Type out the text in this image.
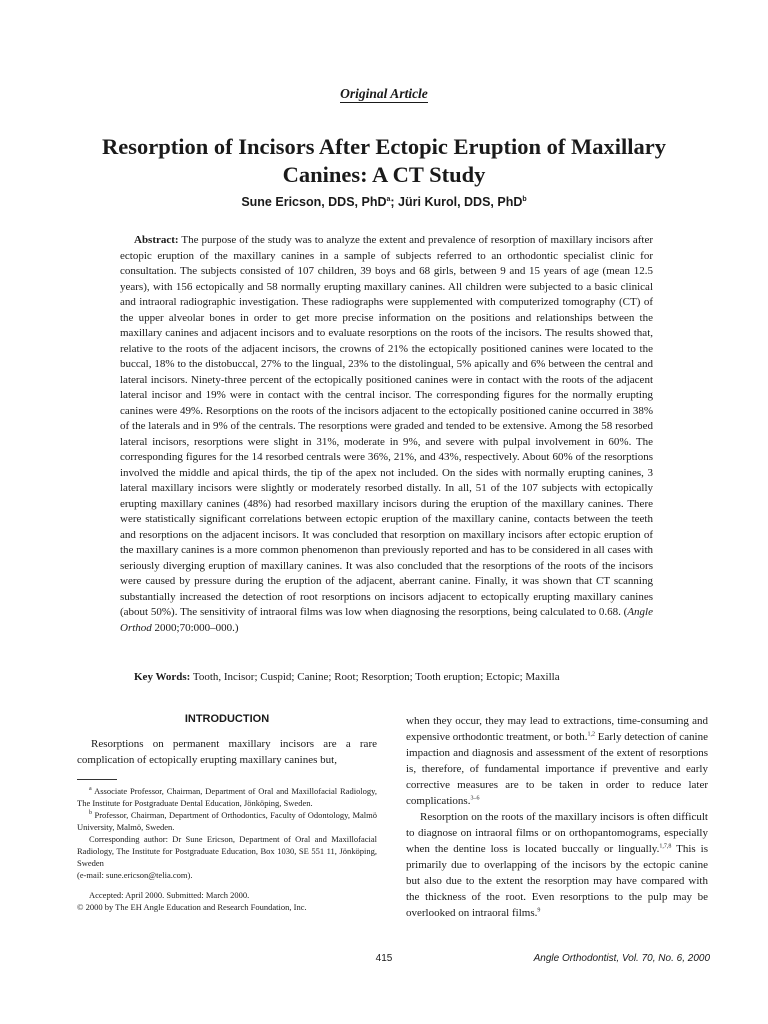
Original Article
Resorption of Incisors After Ectopic Eruption of Maxillary Canines: A CT Study
Sune Ericson, DDS, PhD$^a$; Jüri Kurol, DDS, PhD$^b$

Abstract: The purpose of the study was to analyze the extent and prevalence of resorption of maxillary incisors after ectopic eruption of the maxillary canines in a sample of subjects referred to an orthodontic specialist clinic for consultation. The subjects consisted of 107 children, 39 boys and 68 girls, between 9 and 15 years of age (mean 12.5 years), with 156 ectopically and 58 normally erupting maxillary canines. All children were subjected to a basic clinical and intraoral radiographic investigation. These radiographs were supplemented with computerized tomography (CT) of the upper alveolar bones in order to get more precise information on the positions and relationships between the maxillary canines and adjacent incisors and to evaluate resorptions on the roots of the incisors. The results showed that, relative to the roots of the adjacent incisors, the crowns of 21% the ectopically positioned canines were located to the buccal, 18% to the distobuccal, 27% to the lingual, 23% to the distolingual, 5% apically and 6% between the central and lateral incisors. Ninety-three percent of the ectopically positioned canines were in contact with the roots of the adjacent lateral incisor and 19% were in contact with the central incisor. The corresponding figures for the normally erupting canines were 49%. Resorptions on the roots of the incisors adjacent to the ectopically positioned canine occurred in 38% of the laterals and in 9% of the centrals. The resorptions were graded and tended to be extensive. Among the 58 resorbed lateral incisors, resorptions were slight in 31%, moderate in 9%, and severe with pulpal involvement in 60%. The corresponding figures for the 14 resorbed centrals were 36%, 21%, and 43%, respectively. About 60% of the resorptions involved the middle and apical thirds, the tip of the apex not included. On the sides with normally erupting canines, 3 lateral maxillary incisors were slightly or moderately resorbed distally. In all, 51 of the 107 subjects with ectopically erupting maxillary canines (48%) had resorbed maxillary incisors during the eruption of the maxillary canines. There were statistically significant correlations between ectopic eruption of the maxillary canine, contacts between the teeth and resorptions on the adjacent incisors. It was concluded that resorption on maxillary incisors after ectopic eruption of the maxillary canines is a more common phenomenon than previously reported and has to be considered in all cases with seriously diverging eruption of maxillary canines. It was also concluded that the resorptions of the roots of the incisors were caused by pressure during the eruption of the adjacent, aberrant canine. Finally, it was shown that CT scanning substantially increased the detection of root resorptions on incisors adjacent to ectopically erupting maxillary canines (about 50%). The sensitivity of intraoral films was low when diagnosing the resorptions, being calculated to 0.68. (Angle Orthod 2000;70:000–000.)

Key Words: Tooth, Incisor; Cuspid; Canine; Root; Resorption; Tooth eruption; Ectopic; Maxilla

INTRODUCTION

Resorptions on permanent maxillary incisors are a rare complication of ectopically erupting maxillary canines but,

$^a$ Associate Professor, Chairman, Department of Oral and Maxillofacial Radiology, The Institute for Postgraduate Dental Education, Jönköping, Sweden.

$^b$ Professor, Chairman, Department of Orthodontics, Faculty of Odontology, Malmö University, Malmö, Sweden.

Corresponding author: Dr Sune Ericson, Department of Oral and Maxillofacial Radiology, The Institute for Postgraduate Education, Box 1030, SE 551 11, Jönköping, Sweden

(e-mail: sune.ericson@telia.com).

Accepted: April 2000. Submitted: March 2000.

© 2000 by The EH Angle Education and Research Foundation, Inc.

when they occur, they may lead to extractions, time-consuming and expensive orthodontic treatment, or both.$^{1,2}$ Early detection of canine impaction and diagnosis and assessment of the extent of resorptions is, therefore, of fundamental importance if preventive and early corrective measures are to be taken in order to reduce later complications.$^{3-6}$

Resorption on the roots of the maxillary incisors is often difficult to diagnose on intraoral films or on orthopantomograms, especially when the dentine loss is located buccally or lingually.$^{1,7,8}$ This is primarily due to overlapping of the incisors by the ectopic canine but also due to the extent the resorption may have compared with the thickness of the root. Even resorptions to the pulp may be overlooked on intraoral films.$^9$

415	Angle Orthodontist, Vol. 70, No. 6, 2000
